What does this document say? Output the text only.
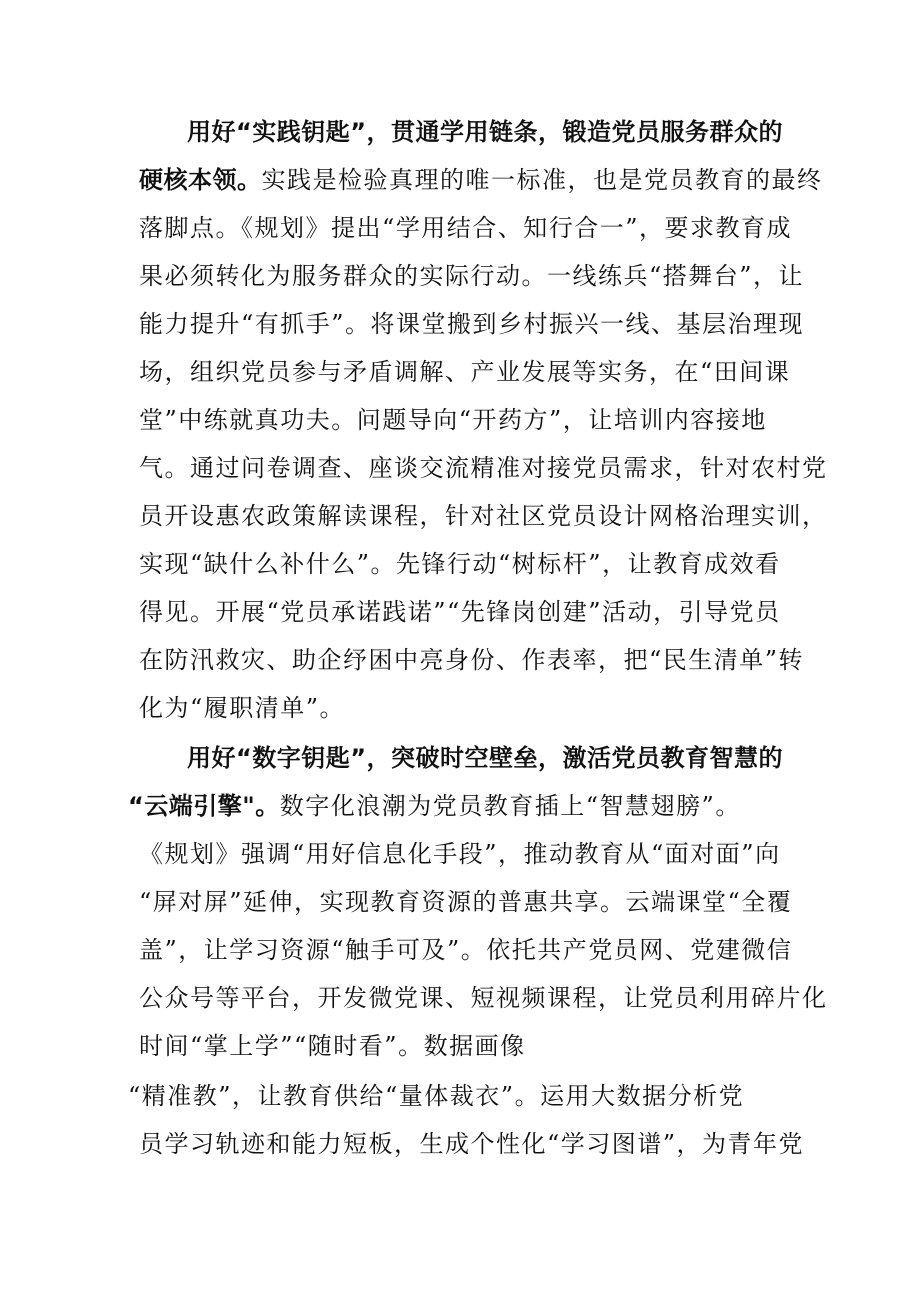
用好“实践钥匙”，贯通学用链条，锻造党员服务群众的
硬核本领。实践是检验真理的唯一标准，也是党员教育的最终
落脚点。《规划》提出“学用结合、知行合一”，要求教育成
果必须转化为服务群众的实际行动。一线练兵“搭舞台”，让
能力提升“有抓手”。将课堂搬到乡村振兴一线、基层治理现
场，组织党员参与矛盾调解、产业发展等实务，在“田间课
堂”中练就真功夫。问题导向“开药方”，让培训内容接地
气。通过问卷调查、座谈交流精准对接党员需求，针对农村党
员开设惠农政策解读课程，针对社区党员设计网格治理实训，
实现“缺什么补什么”。先锋行动“树标杆”，让教育成效看
得见。开展“党员承诺践诺”“先锋岗创建”活动，引导党员
在防汛救灾、助企纾困中亮身份、作表率，把“民生清单”转
化为“履职清单”。
用好“数字钥匙”，突破时空壁垒，激活党员教育智慧的
“云端引擎"。数字化浪潮为党员教育插上“智慧翅膀”。
《规划》强调“用好信息化手段”，推动教育从“面对面”向
“屏对屏”延伸，实现教育资源的普惠共享。云端课堂“全覆
盖”，让学习资源“触手可及”。依托共产党员网、党建微信
公众号等平台，开发微党课、短视频课程，让党员利用碎片化
时间“掌上学”“随时看”。数据画像
“精准教”，让教育供给“量体裁衣”。运用大数据分析党
员学习轨迹和能力短板，生成个性化“学习图谱”，为青年党
